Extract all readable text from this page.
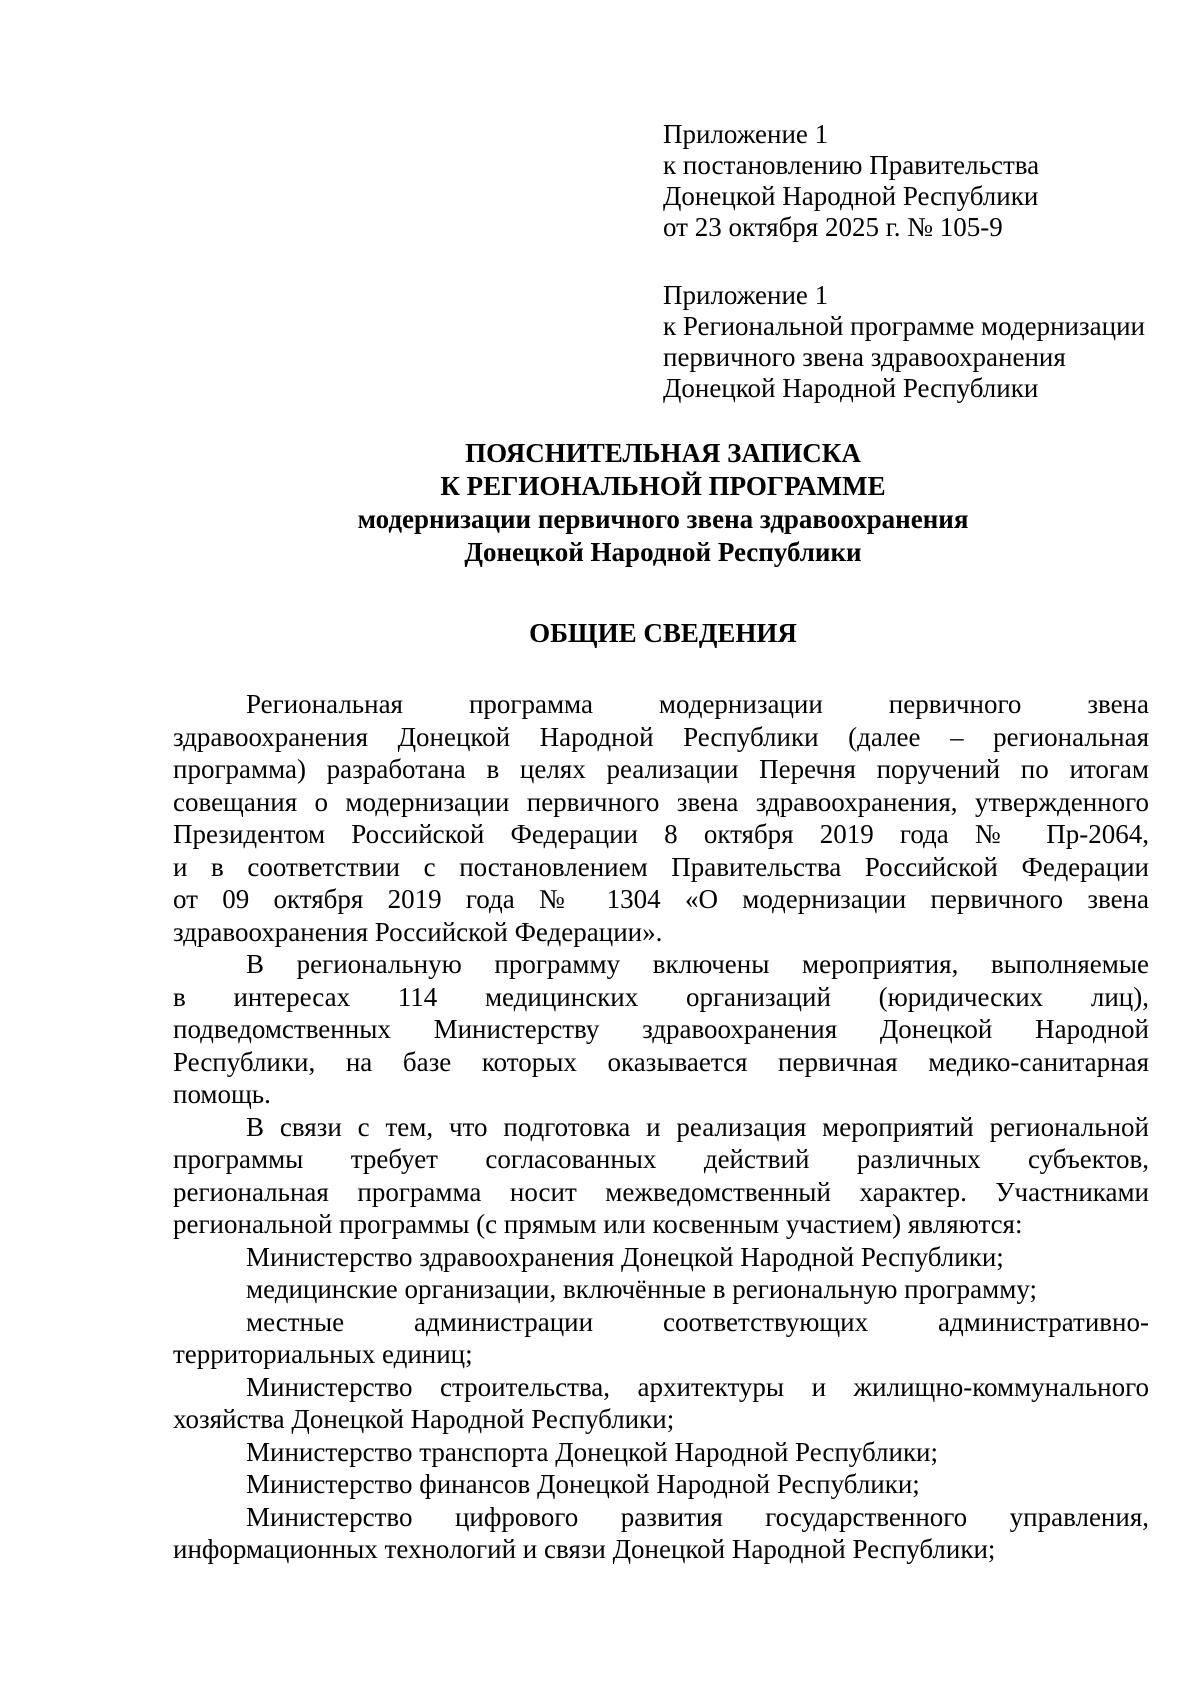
Приложение 1
к постановлению Правительства
Донецкой Народной Республики
от 23 октября 2025 г. № 105-9
Приложение 1
к Региональной программе модернизации
первичного звена здравоохранения
Донецкой Народной Республики
ПОЯСНИТЕЛЬНАЯ ЗАПИСКА
К РЕГИОНАЛЬНОЙ ПРОГРАММЕ
модернизации первичного звена здравоохранения
Донецкой Народной Республики
ОБЩИЕ СВЕДЕНИЯ
Региональная программа модернизации первичного звена
здравоохранения Донецкой Народной Республики (далее – региональная
программа) разработана в целях реализации Перечня поручений по итогам
совещания о модернизации первичного звена здравоохранения, утвержденного
Президентом Российской Федерации 8 октября 2019 года № Пр-2064,
и в соответствии с постановлением Правительства Российской Федерации
от 09 октября 2019 года № 1304 «О модернизации первичного звена
здравоохранения Российской Федерации».
В региональную программу включены мероприятия, выполняемые
в интересах 114 медицинских организаций (юридических лиц),
подведомственных Министерству здравоохранения Донецкой Народной
Республики, на базе которых оказывается первичная медико-санитарная
помощь.
В связи с тем, что подготовка и реализация мероприятий региональной
программы требует согласованных действий различных субъектов,
региональная программа носит межведомственный характер. Участниками
региональной программы (с прямым или косвенным участием) являются:
Министерство здравоохранения Донецкой Народной Республики;
медицинские организации, включённые в региональную программу;
местные администрации соответствующих административно-
территориальных единиц;
Министерство строительства, архитектуры и жилищно-коммунального
хозяйства Донецкой Народной Республики;
Министерство транспорта Донецкой Народной Республики;
Министерство финансов Донецкой Народной Республики;
Министерство цифрового развития государственного управления,
информационных технологий и связи Донецкой Народной Республики;
